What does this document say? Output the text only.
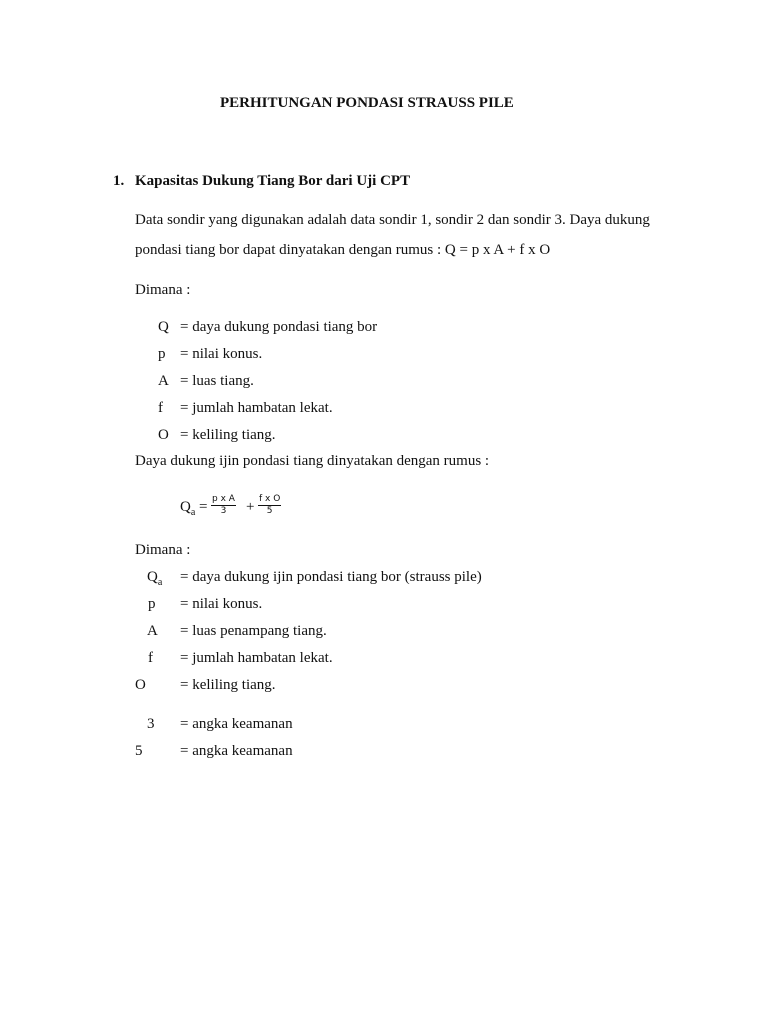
PERHITUNGAN PONDASI STRAUSS PILE
1. Kapasitas Dukung Tiang Bor dari Uji CPT
Data sondir yang digunakan adalah data sondir 1, sondir 2 dan sondir 3. Daya dukung
pondasi tiang bor dapat dinyatakan dengan rumus : Q = p x A + f x O
Dimana :
Q = daya dukung pondasi tiang bor
p = nilai konus.
A = luas tiang.
f = jumlah hambatan lekat.
O = keliling tiang.
Daya dukung ijin pondasi tiang dinyatakan dengan rumus :
$Q_a = \frac{\text{p x A}}{3} + \frac{\text{f x O}}{5}$
Dimana :
$Q_a$ = daya dukung ijin pondasi tiang bor (strauss pile)
p = nilai konus.
A = luas penampang tiang.
f = jumlah hambatan lekat.
O = keliling tiang.
3 = angka keamanan
5	= angka keamanan
